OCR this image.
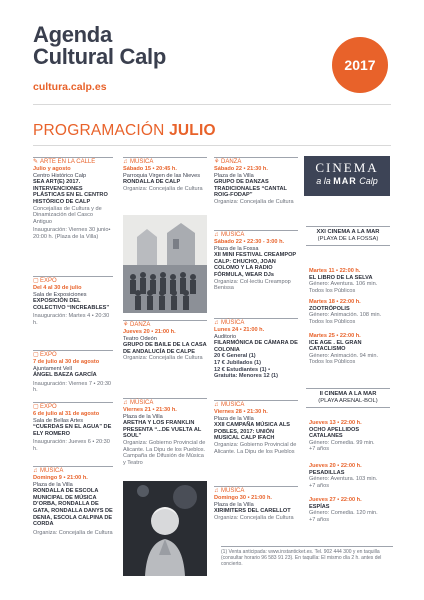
Agenda
Cultural Calp
cultura.calp.es
2017
PROGRAMACIÓN JULIO
✎ ARTE EN LA CALLE
Julio y agosto
Centro Histórico Calp
SEA ART(E) 2017. INTERVENCIONES PLÁSTICAS EN EL CENTRO HISTÓRICO DE CALP
Concejalías de Cultura y de Dinamización del Casco Antiguo
Inauguración: Viernes 30 junio• 20:00 h. (Plaza de la Villa)
▢EXPO
Del 4 al 30 de julio
Sala de Exposiciones
EXPOSICIÓN DEL COLECTIVO “INCREABLES”
Inauguración: Martes 4 • 20:30 h.
▢EXPO
7 de julio al 30 de agosto
Ajuntament Vell
ÁNGEL BAEZA GARCÍA
Inauguración: Viernes 7 • 20:30 h.
▢EXPO
6 de julio al 31 de agosto
Sala de Bellas Artes
“CUERDAS EN EL AGUA” DE ELY ROMERO
Inauguración: Jueves 6 • 20:30 h.
♫ MÚSICA
Domingo 9 • 21:00 h.
Plaza de la Villa
RONDALLA DE ESCOLA MUNICIPAL DE MÚSICA D’ORBA, RONDALLA DE GATA, RONDALLA DANYS DE DENIA, ESCOLA CALPINA DE CORDA
Organiza: Concejalía de Cultura
♫ MÚSICA
Sábado 15 • 20:45 h.
Parroquia Virgen de las Nieves
RONDALLA DE CALP
Organiza: Concejalía de Cultura
⚘ DANZA
Jueves 20 • 21:00 h.
Teatro Odeón
GRUPO DE BAILE DE LA CASA DE ANDALUCÍA DE CALPE
Organiza: Concejalía de Cultura
♫ MÚSICA
Viernes 21 • 21:30 h.
Plaza de la Villa
ARETHA Y LOS FRANKLIN PRESENTA “...DE VUELTA AL SOUL”
Organiza: Gobierno Provincial de Alicante. La Dipu de los Pueblos. Campaña de Difusión de Música y Teatro
⚘ DANZA
Sábado 22 • 21:30 h.
Plaza de la Villa
GRUPO DE DANZAS TRADICIONALES “CANTAL ROIG-FODAP”
Organiza: Concejalía de Cultura
♫ MÚSICA
Sábado 22 • 22:30 - 3:00 h.
Plaza de la Fossa
XII MINI FESTIVAL CREAMPOP CALP: CHUCHO, JOAN COLOMO Y LA RADIO FÓRMULA, WEAR DJs
Organiza: Col·lectiu Creampop Benissa
♫ MÚSICA
Lunes 24 • 21:00 h.
Auditorio
FILARMÓNICA DE CÁMARA DE COLONIA
20 € General (1)
17 € Jubilados (1)
12 € Estudiantes (1) •
Gratuita: Menores 12 (1)
♫ MÚSICA
Viernes 28 • 21:30 h.
Plaza de la Villa
XXII CAMPAÑA MÚSICA ALS POBLES, 2017: UNIÓN MUSICAL CALP IFACH
Organiza: Gobierno Provincial de Alicante. La Dipu de los Pueblos
♫ MÚSICA
Domingo 30 • 21:00 h.
Plaza de la Villa
XIRIMITERS DEL CARELLOT
Organiza: Concejalía de Cultura
CINEMA
a la MAR Calp
XXI CINEMA A LA MAR
(PLAYA DE LA FOSSA)
Martes 11 • 22:00 h.
EL LIBRO DE LA SELVA
Género: Aventura. 106 min.
Todos los Públicos
Martes 18 • 22:00 h.
ZOOTRÓPOLIS
Género: Animación. 108 min.
Todos los Públicos
Martes 25 • 22:00 h.
ICE AGE . EL GRAN CATACLISMO
Género: Animación. 94 min.
Todos los Públicos
II CINEMA A LA MAR
(PLAYA ARENAL-BOL)
Jueves 13 • 22:00 h.
OCHO APELLIDOS CATALANES
Género: Comedia. 99 min.
+7 años
Jueves 20 • 22:00 h.
PESADILLAS
Género: Aventura. 103 min.
+7 años
Jueves 27 • 22:00 h.
ESPÍAS
Género: Comedia. 120 min.
+7 años
(1) Venta anticipada: www.instanticket.es. Tel. 902 444 300 y en taquilla (consultar horario 96 583 91 23). En taquilla: El mismo día 2 h. antes del concierto.
